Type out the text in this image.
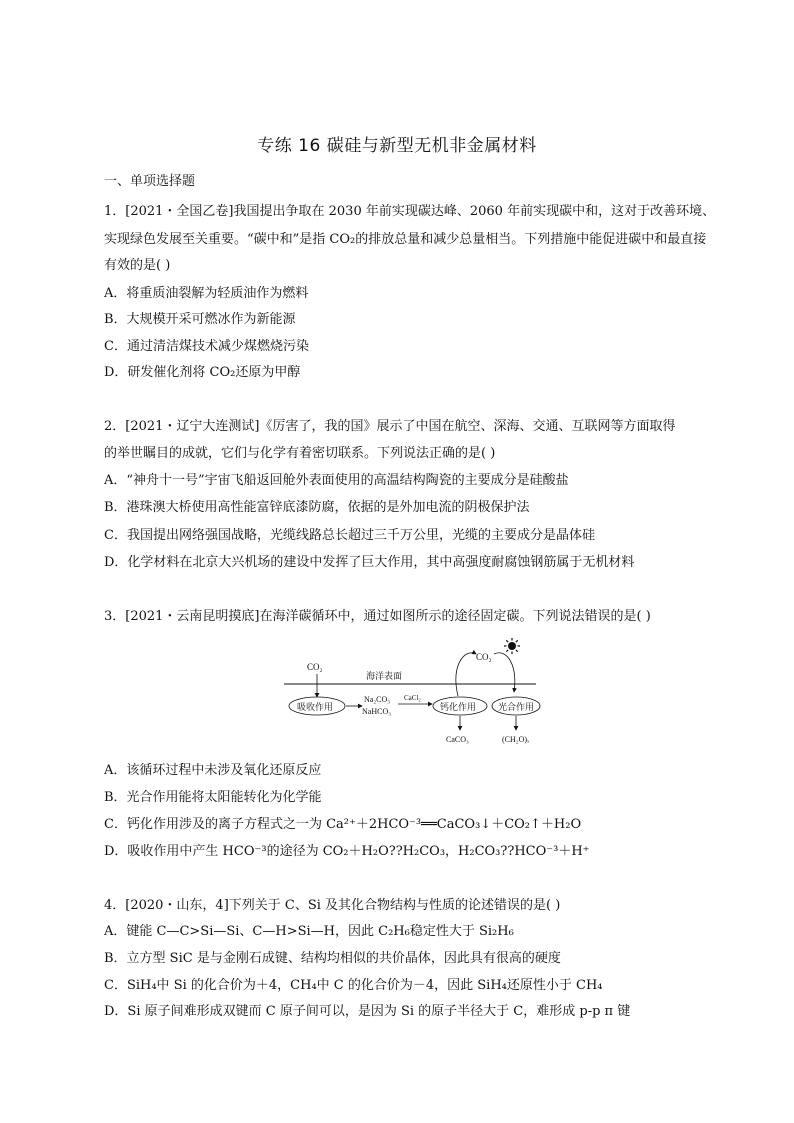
专练 16 碳硅与新型无机非金属材料
一、单项选择题
1．[2021・全国乙卷]我国提出争取在 2030 年前实现碳达峰、2060 年前实现碳中和，这对于改善环境、
实现绿色发展至关重要。“碳中和”是指 CO₂的排放总量和减少总量相当。下列措施中能促进碳中和最直接
有效的是( )
A．将重质油裂解为轻质油作为燃料
B．大规模开采可燃冰作为新能源
C．通过清洁煤技术减少煤燃烧污染
D．研发催化剂将 CO₂还原为甲醇
2．[2021・辽宁大连测试]《厉害了，我的国》展示了中国在航空、深海、交通、互联网等方面取得
的举世瞩目的成就，它们与化学有着密切联系。下列说法正确的是( )
A．“神舟十一号”宇宙飞船返回舱外表面使用的高温结构陶瓷的主要成分是硅酸盐
B．港珠澳大桥使用高性能富锌底漆防腐，依据的是外加电流的阴极保护法
C．我国提出网络强国战略，光缆线路总长超过三千万公里，光缆的主要成分是晶体硅
D．化学材料在北京大兴机场的建设中发挥了巨大作用，其中高强度耐腐蚀钢筋属于无机材料
3．[2021・云南昆明摸底]在海洋碳循环中，通过如图所示的途径固定碳。下列说法错误的是( )
海洋表面
CO₂
CO₂
吸收作用
Na₂CO₃
NaHCO₃
CaCl₂
钙化作用 光合作用
CaCO₃	(CH₂O)ₓ
A．该循环过程中未涉及氧化还原反应
B．光合作用能将太阳能转化为化学能
C．钙化作用涉及的离子方程式之一为 Ca²⁺＋2HCO⁻³══CaCO₃↓＋CO₂↑＋H₂O
D．吸收作用中产生 HCO⁻³的途径为 CO₂＋H₂O??H₂CO₃，H₂CO₃??HCO⁻³＋H⁺
4．[2020・山东，4]下列关于 C、Si 及其化合物结构与性质的论述错误的是( )
A．键能 C—C>Si—Si、C—H>Si—H，因此 C₂H₆稳定性大于 Si₂H₆
B．立方型 SiC 是与金刚石成键、结构均相似的共价晶体，因此具有很高的硬度
C．SiH₄中 Si 的化合价为＋4，CH₄中 C 的化合价为－4，因此 SiH₄还原性小于 CH₄
D．Si 原子间难形成双键而 C 原子间可以，是因为 Si 的原子半径大于 C，难形成 p-p π 键
